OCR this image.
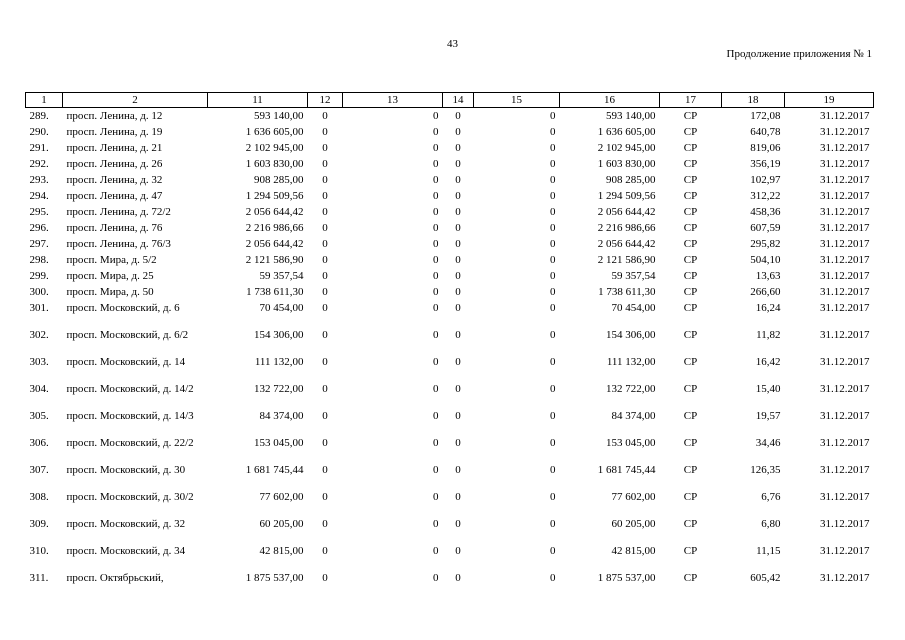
43
Продолжение приложения № 1
1	2	11	12	13	14	15	16	17	18	19
289.	просп. Ленина, д. 12	593 140,00	0	0	0	0	593 140,00	СР	172,08	31.12.2017
290.	просп. Ленина, д. 19	1 636 605,00	0	0	0	0	1 636 605,00	СР	640,78	31.12.2017
291.	просп. Ленина, д. 21	2 102 945,00	0	0	0	0	2 102 945,00	СР	819,06	31.12.2017
292.	просп. Ленина, д. 26	1 603 830,00	0	0	0	0	1 603 830,00	СР	356,19	31.12.2017
293.	просп. Ленина, д. 32	908 285,00	0	0	0	0	908 285,00	СР	102,97	31.12.2017
294.	просп. Ленина, д. 47	1 294 509,56	0	0	0	0	1 294 509,56	СР	312,22	31.12.2017
295.	просп. Ленина, д. 72/2	2 056 644,42	0	0	0	0	2 056 644,42	СР	458,36	31.12.2017
296.	просп. Ленина, д. 76	2 216 986,66	0	0	0	0	2 216 986,66	СР	607,59	31.12.2017
297.	просп. Ленина, д. 76/3	2 056 644,42	0	0	0	0	2 056 644,42	СР	295,82	31.12.2017
298.	просп. Мира, д. 5/2	2 121 586,90	0	0	0	0	2 121 586,90	СР	504,10	31.12.2017
299.	просп. Мира, д. 25	59 357,54	0	0	0	0	59 357,54	СР	13,63	31.12.2017
300.	просп. Мира, д. 50	1 738 611,30	0	0	0	0	1 738 611,30	СР	266,60	31.12.2017
301.	просп. Московский, д. 6	70 454,00	0	0	0	0	70 454,00	СР	16,24	31.12.2017
302.	просп. Московский, д. 6/2	154 306,00	0	0	0	0	154 306,00	СР	11,82	31.12.2017
303.	просп. Московский, д. 14	111 132,00	0	0	0	0	111 132,00	СР	16,42	31.12.2017
304.	просп. Московский, д. 14/2	132 722,00	0	0	0	0	132 722,00	СР	15,40	31.12.2017
305.	просп. Московский, д. 14/3	84 374,00	0	0	0	0	84 374,00	СР	19,57	31.12.2017
306.	просп. Московский, д. 22/2	153 045,00	0	0	0	0	153 045,00	СР	34,46	31.12.2017
307.	просп. Московский, д. 30	1 681 745,44	0	0	0	0	1 681 745,44	СР	126,35	31.12.2017
308.	просп. Московский, д. 30/2	77 602,00	0	0	0	0	77 602,00	СР	6,76	31.12.2017
309.	просп. Московский, д. 32	60 205,00	0	0	0	0	60 205,00	СР	6,80	31.12.2017
310.	просп. Московский, д. 34	42 815,00	0	0	0	0	42 815,00	СР	11,15	31.12.2017
311.	просп. Октябрьский,	1 875 537,00	0	0	0	0	1 875 537,00	СР	605,42	31.12.2017
